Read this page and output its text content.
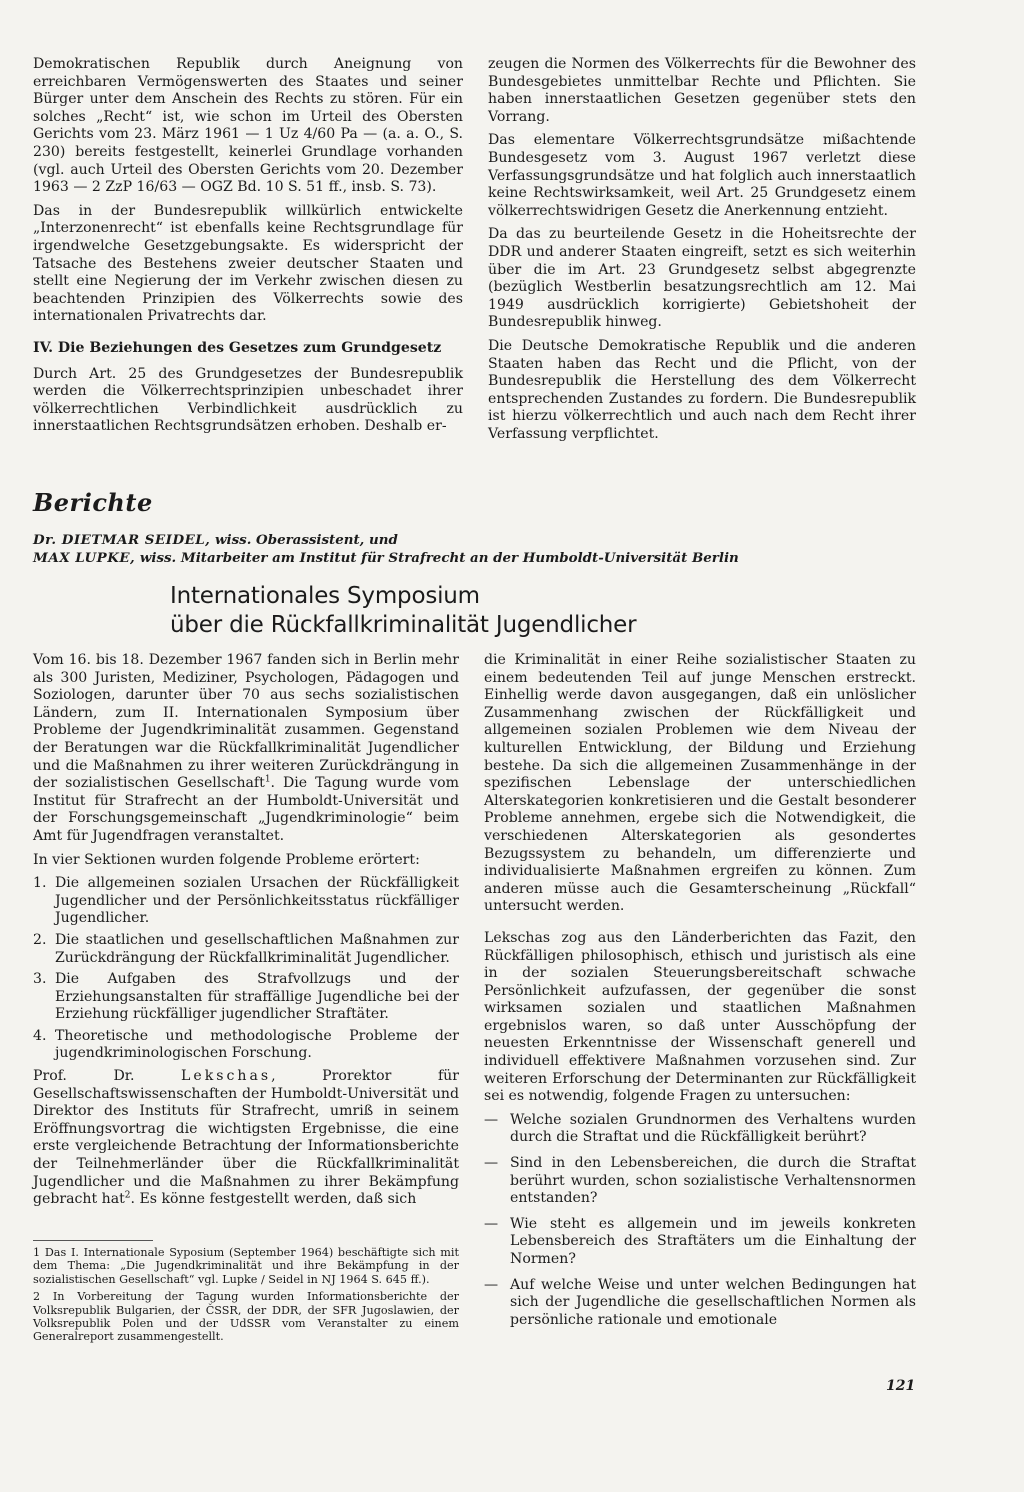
Demokratischen Republik durch Aneignung von erreichbaren Vermögenswerten des Staates und seiner Bürger unter dem Anschein des Rechts zu stören. Für ein solches „Recht“ ist, wie schon im Urteil des Obersten Gerichts vom 23. März 1961 — 1 Uz 4/60 Pa — (a. a. O., S. 230) bereits festgestellt, keinerlei Grundlage vorhanden (vgl. auch Urteil des Obersten Gerichts vom 20. Dezember 1963 — 2 ZzP 16/63 — OGZ Bd. 10 S. 51 ff., insb. S. 73).

Das in der Bundesrepublik willkürlich entwickelte „Interzonenrecht“ ist ebenfalls keine Rechtsgrundlage für irgendwelche Gesetzgebungsakte. Es widerspricht der Tatsache des Bestehens zweier deutscher Staaten und stellt eine Negierung der im Verkehr zwischen diesen zu beachtenden Prinzipien des Völkerrechts sowie des internationalen Privatrechts dar.

IV. Die Beziehungen des Gesetzes zum Grundgesetz

Durch Art. 25 des Grundgesetzes der Bundesrepublik werden die Völkerrechtsprinzipien unbeschadet ihrer völkerrechtlichen Verbindlichkeit ausdrücklich zu innerstaatlichen Rechtsgrundsätzen erhoben. Deshalb er-

zeugen die Normen des Völkerrechts für die Bewohner des Bundesgebietes unmittelbar Rechte und Pflichten. Sie haben innerstaatlichen Gesetzen gegenüber stets den Vorrang.

Das elementare Völkerrechtsgrundsätze mißachtende Bundesgesetz vom 3. August 1967 verletzt diese Verfassungsgrundsätze und hat folglich auch innerstaatlich keine Rechtswirksamkeit, weil Art. 25 Grundgesetz einem völkerrechtswidrigen Gesetz die Anerkennung entzieht.

Da das zu beurteilende Gesetz in die Hoheitsrechte der DDR und anderer Staaten eingreift, setzt es sich weiterhin über die im Art. 23 Grundgesetz selbst abgegrenzte (bezüglich Westberlin besatzungsrechtlich am 12. Mai 1949 ausdrücklich korrigierte) Gebietshoheit der Bundesrepublik hinweg.

Die Deutsche Demokratische Republik und die anderen Staaten haben das Recht und die Pflicht, von der Bundesrepublik die Herstellung des dem Völkerrecht entsprechenden Zustandes zu fordern. Die Bundesrepublik ist hierzu völkerrechtlich und auch nach dem Recht ihrer Verfassung verpflichtet.

Berichte
Dr. DIETMAR SEIDEL, wiss. Oberassistent, und
MAX LUPKE, wiss. Mitarbeiter am Institut für Strafrecht an der Humboldt-Universität Berlin
Internationales Symposium
über die Rückfallkriminalität Jugendlicher

Vom 16. bis 18. Dezember 1967 fanden sich in Berlin mehr als 300 Juristen, Mediziner, Psychologen, Pädagogen und Soziologen, darunter über 70 aus sechs sozialistischen Ländern, zum II. Internationalen Symposium über Probleme der Jugendkriminalität zusammen. Gegenstand der Beratungen war die Rückfallkriminalität Jugendlicher und die Maßnahmen zu ihrer weiteren Zurückdrängung in der sozialistischen Gesellschaft$^1$. Die Tagung wurde vom Institut für Strafrecht an der Humboldt-Universität und der Forschungsgemeinschaft „Jugendkriminologie“ beim Amt für Jugendfragen veranstaltet.

In vier Sektionen wurden folgende Probleme erörtert:

1. Die allgemeinen sozialen Ursachen der Rückfälligkeit Jugendlicher und der Persönlichkeitsstatus rückfälliger Jugendlicher.
2. Die staatlichen und gesellschaftlichen Maßnahmen zur Zurückdrängung der Rückfallkriminalität Jugendlicher.
3. Die Aufgaben des Strafvollzugs und der Erziehungsanstalten für straffällige Jugendliche bei der Erziehung rückfälliger jugendlicher Straftäter.
4. Theoretische und methodologische Probleme der jugendkriminologischen Forschung.

Prof. Dr. Lekschas, Prorektor für Gesellschaftswissenschaften der Humboldt-Universität und Direktor des Instituts für Strafrecht, umriß in seinem Eröffnungsvortrag die wichtigsten Ergebnisse, die eine erste vergleichende Betrachtung der Informationsberichte der Teilnehmerländer über die Rückfallkriminalität Jugendlicher und die Maßnahmen zu ihrer Bekämpfung gebracht hat$^2$. Es könne festgestellt werden, daß sich

1 Das I. Internationale Syposium (September 1964) beschäftigte sich mit dem Thema: „Die Jugendkriminalität und ihre Bekämpfung in der sozialistischen Gesellschaft“ vgl. Lupke / Seidel in NJ 1964 S. 645 ff.).

2 In Vorbereitung der Tagung wurden Informationsberichte der Volksrepublik Bulgarien, der ČSSR, der DDR, der SFR Jugoslawien, der Volksrepublik Polen und der UdSSR vom Veranstalter zu einem Generalreport zusammengestellt.

die Kriminalität in einer Reihe sozialistischer Staaten zu einem bedeutenden Teil auf junge Menschen erstreckt. Einhellig werde davon ausgegangen, daß ein unlöslicher Zusammenhang zwischen der Rückfälligkeit und allgemeinen sozialen Problemen wie dem Niveau der kulturellen Entwicklung, der Bildung und Erziehung bestehe. Da sich die allgemeinen Zusammenhänge in der spezifischen Lebenslage der unterschiedlichen Alterskategorien konkretisieren und die Gestalt besonderer Probleme annehmen, ergebe sich die Notwendigkeit, die verschiedenen Alterskategorien als gesondertes Bezugssystem zu behandeln, um differenzierte und individualisierte Maßnahmen ergreifen zu können. Zum anderen müsse auch die Gesamterscheinung „Rückfall“ untersucht werden.

Lekschas zog aus den Länderberichten das Fazit, den Rückfälligen philosophisch, ethisch und juristisch als eine in der sozialen Steuerungsbereitschaft schwache Persönlichkeit aufzufassen, der gegenüber die sonst wirksamen sozialen und staatlichen Maßnahmen ergebnislos waren, so daß unter Ausschöpfung der neuesten Erkenntnisse der Wissenschaft generell und individuell effektivere Maßnahmen vorzusehen sind. Zur weiteren Erforschung der Determinanten zur Rückfälligkeit sei es notwendig, folgende Fragen zu untersuchen:

— Welche sozialen Grundnormen des Verhaltens wurden durch die Straftat und die Rückfälligkeit berührt?
— Sind in den Lebensbereichen, die durch die Straftat berührt wurden, schon sozialistische Verhaltensnormen entstanden?
— Wie steht es allgemein und im jeweils konkreten Lebensbereich des Straftäters um die Einhaltung der Normen?
— Auf welche Weise und unter welchen Bedingungen hat sich der Jugendliche die gesellschaftlichen Normen als persönliche rationale und emotionale
121
